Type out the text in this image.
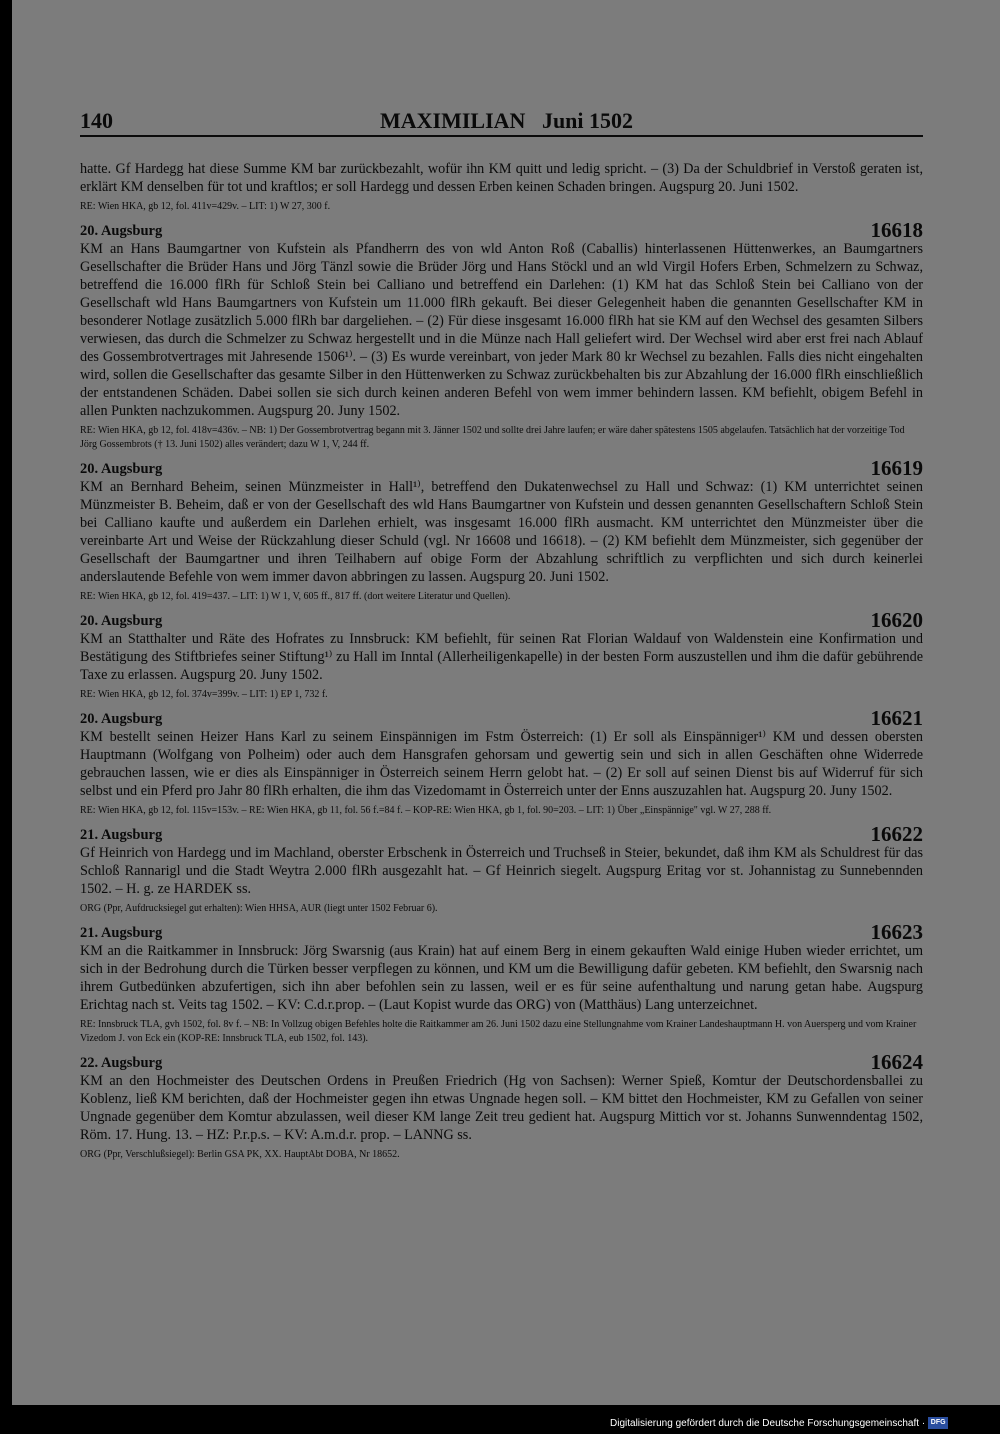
140	MAXIMILIAN   Juni 1502

hatte. Gf Hardegg hat diese Summe KM bar zurückbezahlt, wofür ihn KM quitt und ledig spricht. – (3) Da der Schuldbrief in Verstoß geraten ist, erklärt KM denselben für tot und kraftlos; er soll Hardegg und dessen Erben keinen Schaden bringen. Augspurg 20. Juni 1502.

RE: Wien HKA, gb 12, fol. 411v=429v. – LIT: 1) W 27, 300 f.
20. Augsburg	16618

KM an Hans Baumgartner von Kufstein als Pfandherrn des von wld Anton Roß (Caballis) hinterlassenen Hüttenwerkes, an Baumgartners Gesellschafter die Brüder Hans und Jörg Tänzl sowie die Brüder Jörg und Hans Stöckl und an wld Virgil Hofers Erben, Schmelzern zu Schwaz, betreffend die 16.000 flRh für Schloß Stein bei Calliano und betreffend ein Darlehen: (1) KM hat das Schloß Stein bei Calliano von der Gesellschaft wld Hans Baumgartners von Kufstein um 11.000 flRh gekauft. Bei dieser Gelegenheit haben die genannten Gesellschafter KM in besonderer Notlage zusätzlich 5.000 flRh bar dargeliehen. – (2) Für diese insgesamt 16.000 flRh hat sie KM auf den Wechsel des gesamten Silbers verwiesen, das durch die Schmelzer zu Schwaz hergestellt und in die Münze nach Hall geliefert wird. Der Wechsel wird aber erst frei nach Ablauf des Gossembrotvertrages mit Jahresende 1506¹⁾. – (3) Es wurde vereinbart, von jeder Mark 80 kr Wechsel zu bezahlen. Falls dies nicht eingehalten wird, sollen die Gesellschafter das gesamte Silber in den Hüttenwerken zu Schwaz zurückbehalten bis zur Abzahlung der 16.000 flRh einschließlich der entstandenen Schäden. Dabei sollen sie sich durch keinen anderen Befehl von wem immer behindern lassen. KM befiehlt, obigem Befehl in allen Punkten nachzukommen. Augspurg 20. Juny 1502.

RE: Wien HKA, gb 12, fol. 418v=436v. – NB: 1) Der Gossembrotvertrag begann mit 3. Jänner 1502 und sollte drei Jahre laufen; er wäre daher spätestens 1505 abgelaufen. Tatsächlich hat der vorzeitige Tod Jörg Gossembrots († 13. Juni 1502) alles verändert; dazu W 1, V, 244 ff.
20. Augsburg	16619

KM an Bernhard Beheim, seinen Münzmeister in Hall¹⁾, betreffend den Dukatenwechsel zu Hall und Schwaz: (1) KM unterrichtet seinen Münzmeister B. Beheim, daß er von der Gesellschaft des wld Hans Baumgartner von Kufstein und dessen genannten Gesellschaftern Schloß Stein bei Calliano kaufte und außerdem ein Darlehen erhielt, was insgesamt 16.000 flRh ausmacht. KM unterrichtet den Münzmeister über die vereinbarte Art und Weise der Rückzahlung dieser Schuld (vgl. Nr 16608 und 16618). – (2) KM befiehlt dem Münzmeister, sich gegenüber der Gesellschaft der Baumgartner und ihren Teilhabern auf obige Form der Abzahlung schriftlich zu verpflichten und sich durch keinerlei anderslautende Befehle von wem immer davon abbringen zu lassen. Augspurg 20. Juni 1502.

RE: Wien HKA, gb 12, fol. 419=437. – LIT: 1) W 1, V, 605 ff., 817 ff. (dort weitere Literatur und Quellen).
20. Augsburg	16620

KM an Statthalter und Räte des Hofrates zu Innsbruck: KM befiehlt, für seinen Rat Florian Waldauf von Waldenstein eine Konfirmation und Bestätigung des Stiftbriefes seiner Stiftung¹⁾ zu Hall im Inntal (Allerheiligenkapelle) in der besten Form auszustellen und ihm die dafür gebührende Taxe zu erlassen. Augspurg 20. Juny 1502.

RE: Wien HKA, gb 12, fol. 374v=399v. – LIT: 1) EP 1, 732 f.
20. Augsburg	16621

KM bestellt seinen Heizer Hans Karl zu seinem Einspännigen im Fstm Österreich: (1) Er soll als Einspänniger¹⁾ KM und dessen obersten Hauptmann (Wolfgang von Polheim) oder auch dem Hansgrafen gehorsam und gewertig sein und sich in allen Geschäften ohne Widerrede gebrauchen lassen, wie er dies als Einspänniger in Österreich seinem Herrn gelobt hat. – (2) Er soll auf seinen Dienst bis auf Widerruf für sich selbst und ein Pferd pro Jahr 80 flRh erhalten, die ihm das Vizedomamt in Österreich unter der Enns auszuzahlen hat. Augspurg 20. Juny 1502.

RE: Wien HKA, gb 12, fol. 115v=153v. – RE: Wien HKA, gb 11, fol. 56 f.=84 f. – KOP-RE: Wien HKA, gb 1, fol. 90=203. – LIT: 1) Über „Einspännige" vgl. W 27, 288 ff.
21. Augsburg	16622

Gf Heinrich von Hardegg und im Machland, oberster Erbschenk in Österreich und Truchseß in Steier, bekundet, daß ihm KM als Schuldrest für das Schloß Rannarigl und die Stadt Weytra 2.000 flRh ausgezahlt hat. – Gf Heinrich siegelt. Augspurg Eritag vor st. Johannistag zu Sunnebennden 1502. – H. g. ze HARDEK ss.

ORG (Ppr, Aufdrucksiegel gut erhalten): Wien HHSA, AUR (liegt unter 1502 Februar 6).
21. Augsburg	16623

KM an die Raitkammer in Innsbruck: Jörg Swarsnig (aus Krain) hat auf einem Berg in einem gekauften Wald einige Huben wieder errichtet, um sich in der Bedrohung durch die Türken besser verpflegen zu können, und KM um die Bewilligung dafür gebeten. KM befiehlt, den Swarsnig nach ihrem Gutbedünken abzufertigen, sich ihn aber befohlen sein zu lassen, weil er es für seine aufenthaltung und narung getan habe. Augspurg Erichtag nach st. Veits tag 1502. – KV: C.d.r.prop. – (Laut Kopist wurde das ORG) von (Matthäus) Lang unterzeichnet.

RE: Innsbruck TLA, gvh 1502, fol. 8v f. – NB: In Vollzug obigen Befehles holte die Raitkammer am 26. Juni 1502 dazu eine Stellungnahme vom Krainer Landeshauptmann H. von Auersperg und vom Krainer Vizedom J. von Eck ein (KOP-RE: Innsbruck TLA, eub 1502, fol. 143).
22. Augsburg	16624

KM an den Hochmeister des Deutschen Ordens in Preußen Friedrich (Hg von Sachsen): Werner Spieß, Komtur der Deutschordensballei zu Koblenz, ließ KM berichten, daß der Hochmeister gegen ihn etwas Ungnade hegen soll. – KM bittet den Hochmeister, KM zu Gefallen von seiner Ungnade gegenüber dem Komtur abzulassen, weil dieser KM lange Zeit treu gedient hat. Augspurg Mittich vor st. Johanns Sunwenndentag 1502, Röm. 17. Hung. 13. – HZ: P.r.p.s. – KV: A.m.d.r. prop. – LANNG ss.

ORG (Ppr, Verschlußsiegel): Berlin GSA PK, XX. HauptAbt DOBA, Nr 18652.
Digitalisierung gefördert durch die Deutsche Forschungsgemeinschaft · DFG
